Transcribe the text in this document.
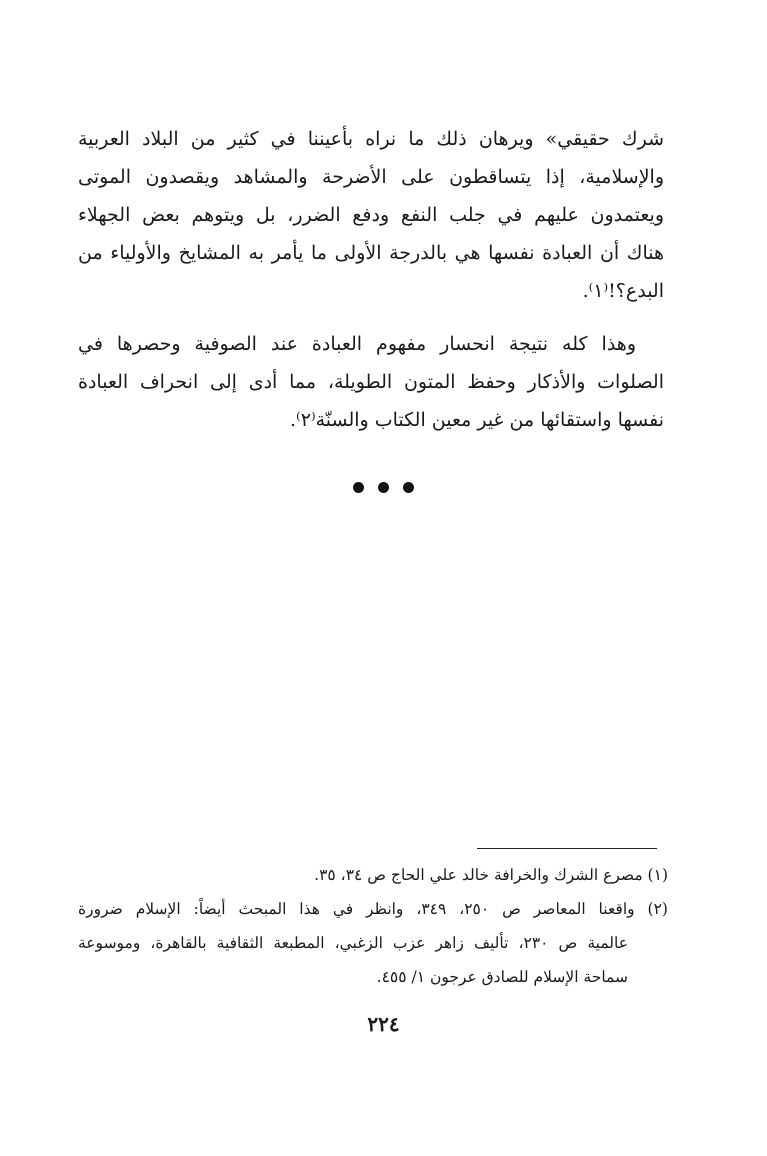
شرك حقيقي» ويرهان ذلك ما نراه بأعيننا في كثير من البلاد العربية
والإسلامية، إذا يتساقطون على الأضرحة والمشاهد ويقصدون الموتى
ويعتمدون عليهم في جلب النفع ودفع الضرر، بل ويتوهم بعض الجهلاء
هناك أن العبادة نفسها هي بالدرجة الأولى ما يأمر به المشايخ والأولياء من
البدع؟!⁽١⁾.
وهذا كله نتيجة انحسار مفهوم العبادة عند الصوفية وحصرها في
الصلوات والأذكار وحفظ المتون الطويلة، مما أدى إلى انحراف العبادة
نفسها واستقائها من غير معين الكتاب والسنّة⁽٢⁾.
(١) مصرع الشرك والخرافة خالد علي الحاج ص ٣٤، ٣٥.
(٢) واقعنا المعاصر ص ٢٥٠، ٣٤٩، وانظر في هذا المبحث أيضاً: الإسلام ضرورة
عالمية ص ٢٣٠، تأليف زاهر عزب الزغبي، المطبعة الثقافية بالقاهرة، وموسوعة
سماحة الإسلام للصادق عرجون ١/ ٤٥٥.
٢٢٤
